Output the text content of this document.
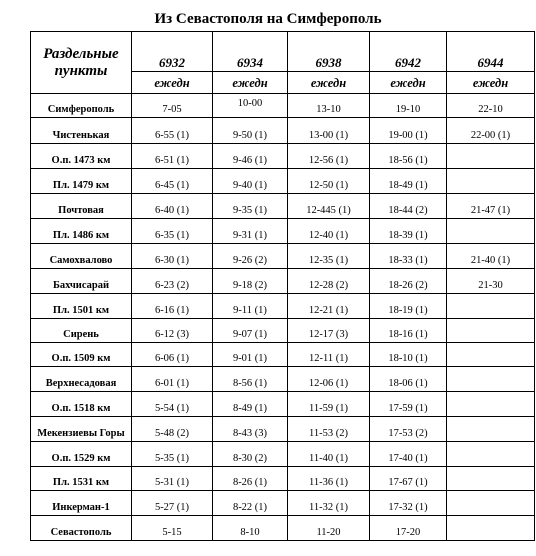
Из Севастополя на Симферополь
Раздельные пункты	6932	6934	6938	6942	6944
	ежедн	ежедн	ежедн	ежедн	ежедн
Симферополь	7-05	10-00	13-10	19-10	22-10
Чистенькая	6-55 (1)	9-50 (1)	13-00 (1)	19-00 (1)	22-00 (1)
О.п. 1473 км	6-51 (1)	9-46 (1)	12-56 (1)	18-56 (1)	
Пл. 1479 км	6-45 (1)	9-40 (1)	12-50 (1)	18-49 (1)	
Почтовая	6-40 (1)	9-35 (1)	12-445 (1)	18-44 (2)	21-47 (1)
Пл. 1486 км	6-35 (1)	9-31 (1)	12-40 (1)	18-39 (1)	
Самохвалово	6-30 (1)	9-26 (2)	12-35 (1)	18-33 (1)	21-40 (1)
Бахчисарай	6-23 (2)	9-18 (2)	12-28 (2)	18-26 (2)	21-30
Пл. 1501 км	6-16 (1)	9-11 (1)	12-21 (1)	18-19 (1)	
Сирень	6-12 (3)	9-07 (1)	12-17 (3)	18-16 (1)	
О.п. 1509 км	6-06 (1)	9-01 (1)	12-11 (1)	18-10 (1)	
Верхнесадовая	6-01 (1)	8-56 (1)	12-06 (1)	18-06 (1)	
О.п. 1518 км	5-54 (1)	8-49 (1)	11-59 (1)	17-59 (1)	
Мекензиевы Горы	5-48 (2)	8-43 (3)	11-53 (2)	17-53 (2)	
О.п. 1529 км	5-35 (1)	8-30 (2)	11-40 (1)	17-40 (1)	
Пл. 1531 км	5-31 (1)	8-26 (1)	11-36 (1)	17-67 (1)	
Инкерман-1	5-27 (1)	8-22 (1)	11-32 (1)	17-32 (1)	
Севастополь	5-15	8-10	11-20	17-20	
